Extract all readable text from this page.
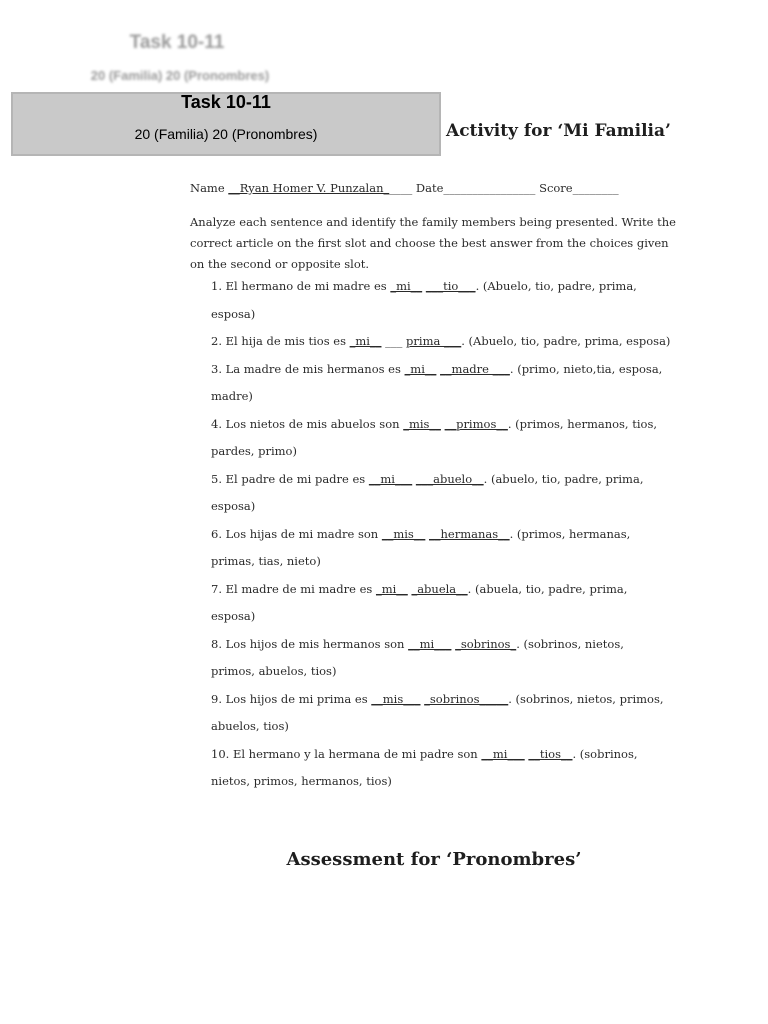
Task 10-11
20 (Familia) 20 (Pronombres)
Task 10-11
20 (Familia) 20 (Pronombres)	Activity for ‘Mi Familia’
Name __Ryan Homer V. Punzalan_____ Date________________ Score________
Analyze each sentence and identify the family members being presented. Write the correct article on the first slot and choose the best answer from the choices given on the second or opposite slot.
1. El hermano de mi madre es _mi__ ___tio___. (Abuelo, tio, padre, prima, esposa)
2. El hija de mis tios es _mi__ ___ prima ___. (Abuelo, tio, padre, prima, esposa)
3. La madre de mis hermanos es _mi__ __madre ___. (primo, nieto,tia, esposa, madre)
4. Los nietos de mis abuelos son _mis__ __primos__. (primos, hermanos, tios, pardes, primo)
5. El padre de mi padre es __mi___ ___abuelo__. (abuelo, tio, padre, prima, esposa)
6. Los hijas de mi madre son __mis__ __hermanas__. (primos, hermanas, primas, tias, nieto)
7. El madre de mi madre es _mi__ _abuela__. (abuela, tio, padre, prima, esposa)
8. Los hijos de mis hermanos son __mi___ _sobrinos_. (sobrinos, nietos, primos, abuelos, tios)
9. Los hijos de mi prima es __mis___ _sobrinos_____. (sobrinos, nietos, primos, abuelos, tios)
10. El hermano y la hermana de mi padre son __mi___ __tios__. (sobrinos, nietos, primos, hermanos, tios)
Assessment for ‘Pronombres’
